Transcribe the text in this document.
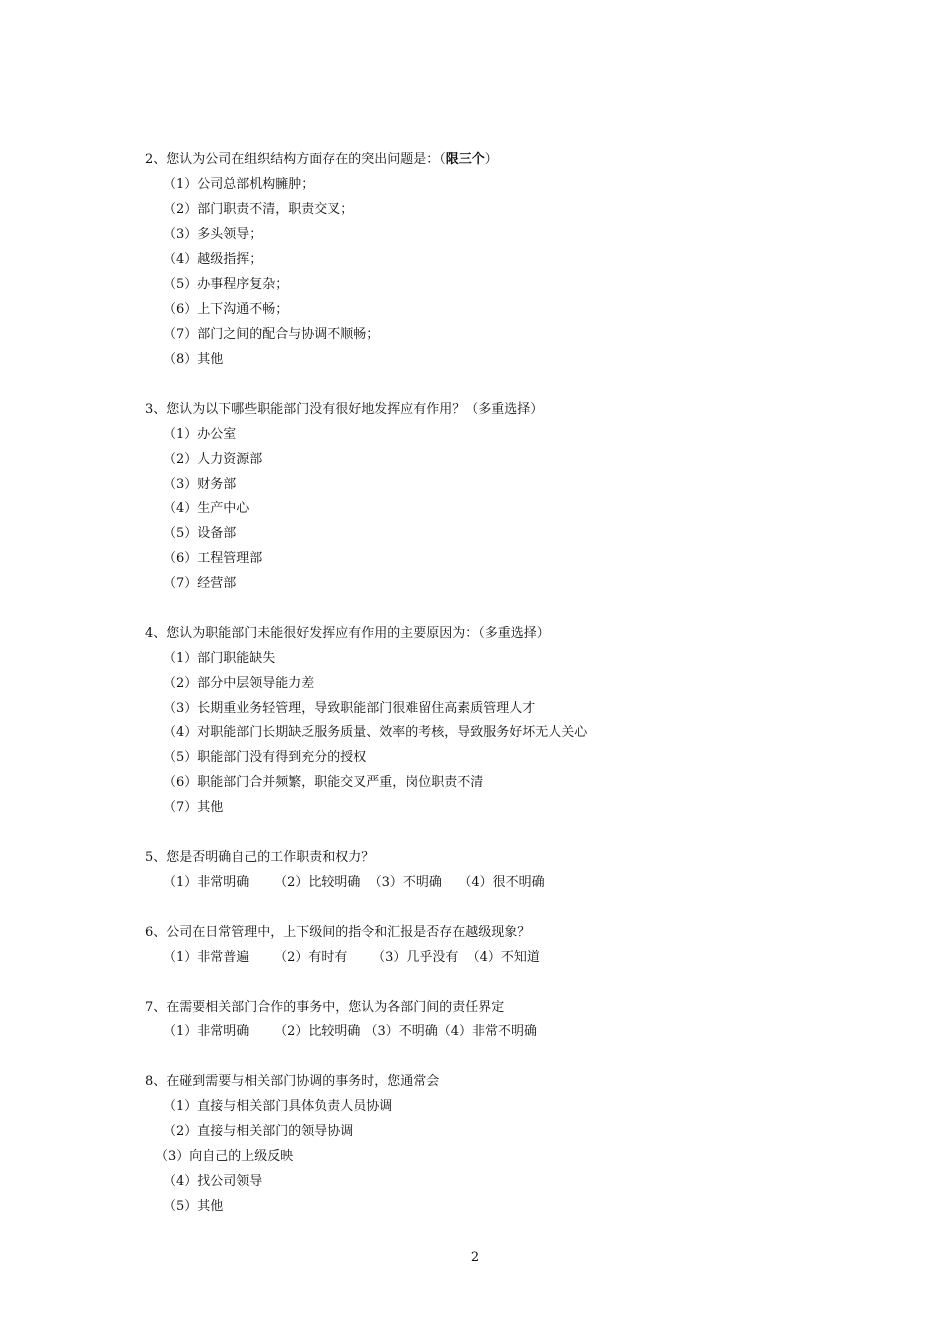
2、您认为公司在组织结构方面存在的突出问题是：（限三个）
（1）公司总部机构臃肿；
（2）部门职责不清，职责交叉；
（3）多头领导；
（4）越级指挥；
（5）办事程序复杂；
（6）上下沟通不畅；
（7）部门之间的配合与协调不顺畅；
（8）其他
3、您认为以下哪些职能部门没有很好地发挥应有作用？（多重选择）
（1）办公室
（2）人力资源部
（3）财务部
（4）生产中心
（5）设备部
（6）工程管理部
（7）经营部
4、您认为职能部门未能很好发挥应有作用的主要原因为：（多重选择）
（1）部门职能缺失
（2）部分中层领导能力差
（3）长期重业务轻管理，导致职能部门很难留住高素质管理人才
（4）对职能部门长期缺乏服务质量、效率的考核，导致服务好坏无人关心
（5）职能部门没有得到充分的授权
（6）职能部门合并频繁，职能交叉严重，岗位职责不清
（7）其他
5、您是否明确自己的工作职责和权力？
（1）非常明确      （2）比较明确  （3）不明确    （4）很不明确
6、公司在日常管理中，上下级间的指令和汇报是否存在越级现象？
（1）非常普遍      （2）有时有      （3）几乎没有  （4）不知道
7、在需要相关部门合作的事务中，您认为各部门间的责任界定
（1）非常明确      （2）比较明确 （3）不明确（4）非常不明确
8、在碰到需要与相关部门协调的事务时，您通常会
（1）直接与相关部门具体负责人员协调
（2）直接与相关部门的领导协调
（3）向自己的上级反映
（4）找公司领导
（5）其他
2
